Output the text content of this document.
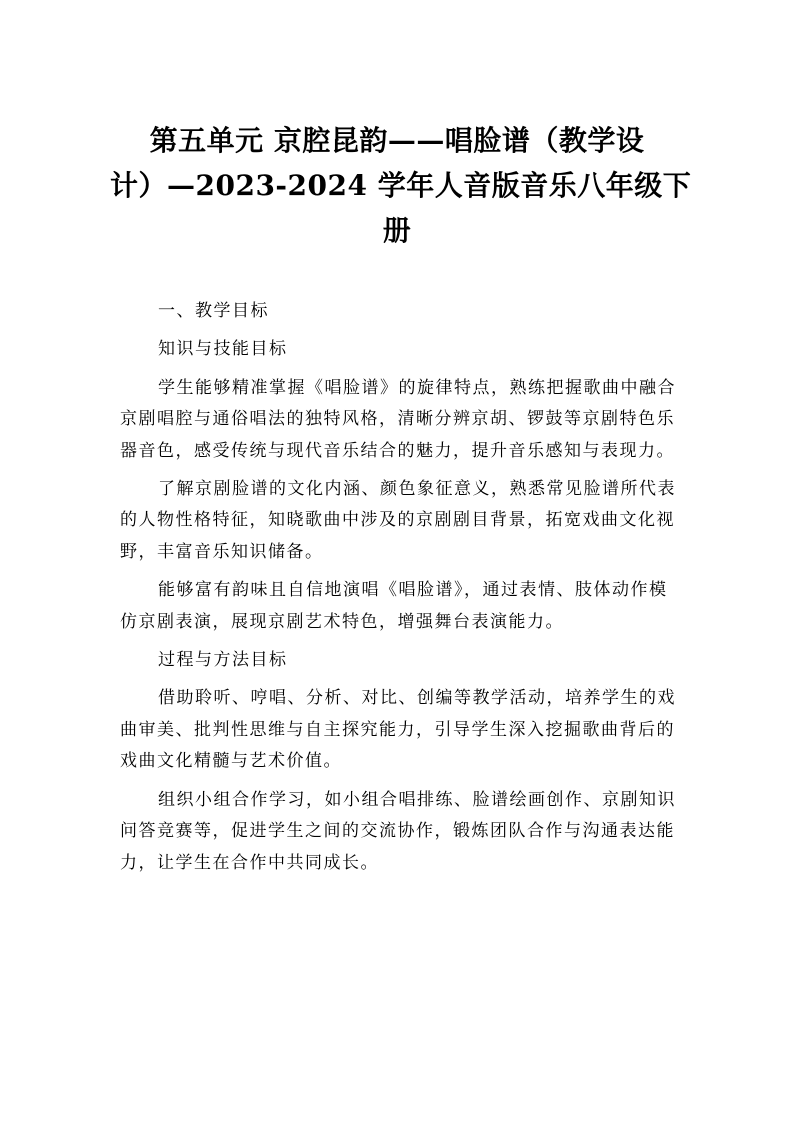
第五单元 京腔昆韵——唱脸谱（教学设
计）—2023-2024 学年人音版音乐八年级下
册

一、教学目标

知识与技能目标

学生能够精准掌握《唱脸谱》的旋律特点，熟练把握歌曲中融合
京剧唱腔与通俗唱法的独特风格，清晰分辨京胡、锣鼓等京剧特色乐
器音色，感受传统与现代音乐结合的魅力，提升音乐感知与表现力。

了解京剧脸谱的文化内涵、颜色象征意义，熟悉常见脸谱所代表
的人物性格特征，知晓歌曲中涉及的京剧剧目背景，拓宽戏曲文化视
野，丰富音乐知识储备。

能够富有韵味且自信地演唱《唱脸谱》，通过表情、肢体动作模
仿京剧表演，展现京剧艺术特色，增强舞台表演能力。

过程与方法目标

借助聆听、哼唱、分析、对比、创编等教学活动，培养学生的戏
曲审美、批判性思维与自主探究能力，引导学生深入挖掘歌曲背后的
戏曲文化精髓与艺术价值。

组织小组合作学习，如小组合唱排练、脸谱绘画创作、京剧知识
问答竞赛等，促进学生之间的交流协作，锻炼团队合作与沟通表达能
力，让学生在合作中共同成长。
